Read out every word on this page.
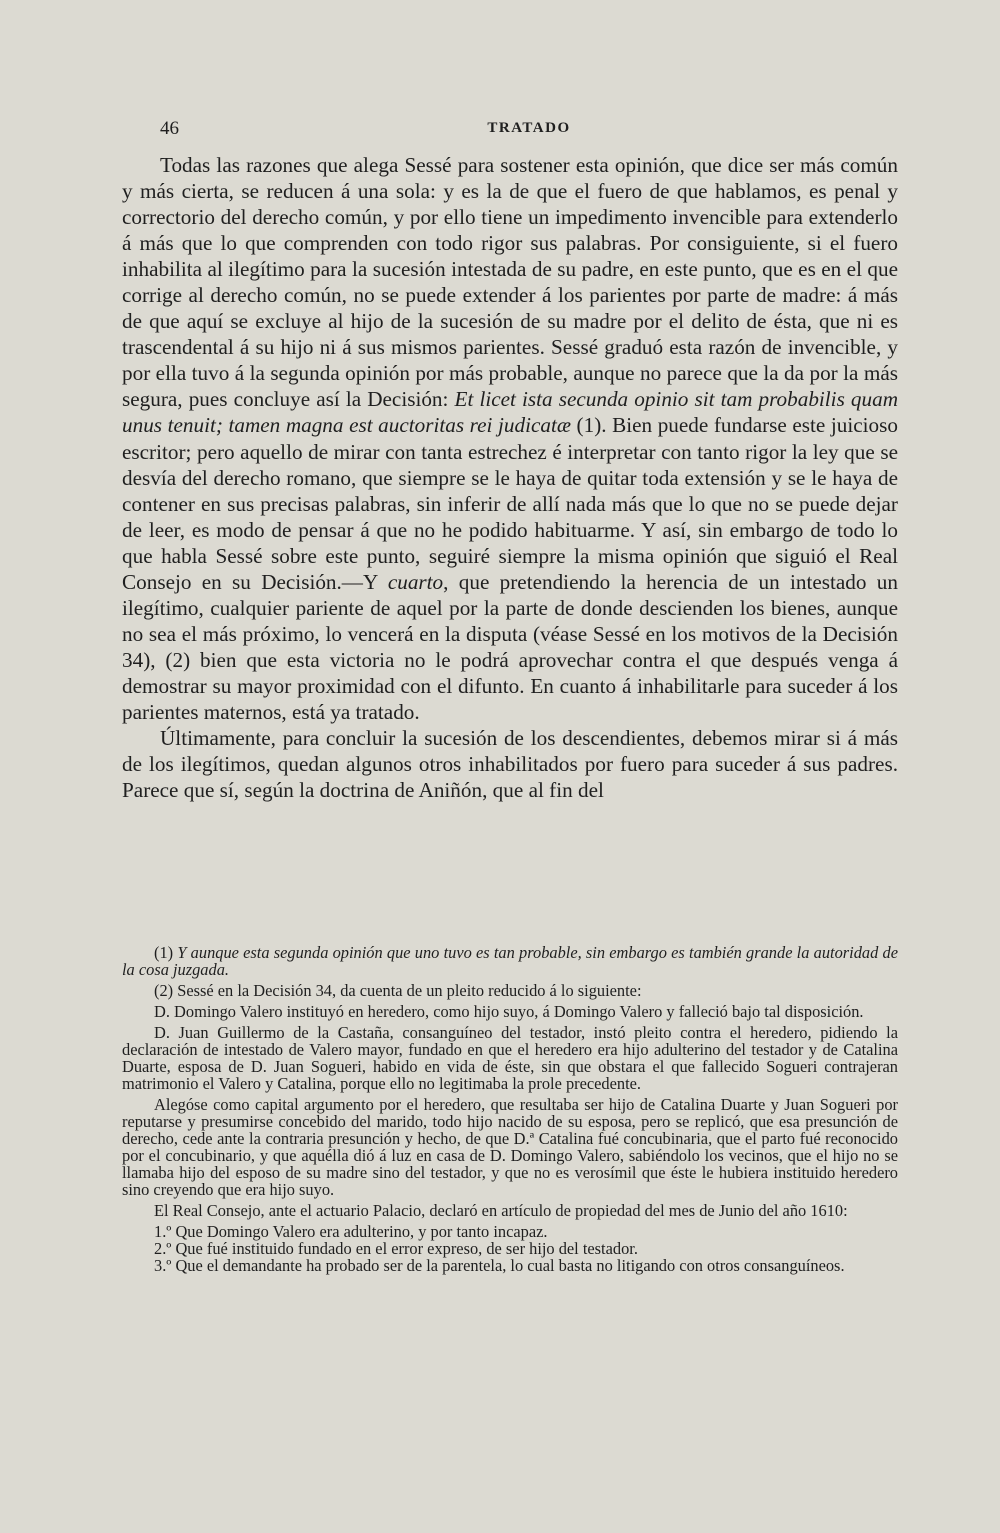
46	TRATADO

Todas las razones que alega Sessé para sostener esta opinión, que dice ser más común y más cierta, se reducen á una sola: y es la de que el fuero de que hablamos, es penal y correctorio del derecho común, y por ello tiene un impedimento invencible para extenderlo á más que lo que comprenden con todo rigor sus palabras. Por consiguiente, si el fuero inhabilita al ilegítimo para la sucesión intestada de su padre, en este punto, que es en el que corrige al derecho común, no se puede extender á los parientes por parte de madre: á más de que aquí se excluye al hijo de la sucesión de su madre por el delito de ésta, que ni es trascendental á su hijo ni á sus mismos parientes. Sessé graduó esta razón de invencible, y por ella tuvo á la segunda opinión por más probable, aunque no parece que la da por la más segura, pues concluye así la Decisión: Et licet ista secunda opinio sit tam probabilis quam unus tenuit; tamen magna est auctoritas rei judicatæ (1). Bien puede fundarse este juicioso escritor; pero aquello de mirar con tanta estrechez é interpretar con tanto rigor la ley que se desvía del derecho romano, que siempre se le haya de quitar toda extensión y se le haya de contener en sus precisas palabras, sin inferir de allí nada más que lo que no se puede dejar de leer, es modo de pensar á que no he podido habituarme. Y así, sin embargo de todo lo que habla Sessé sobre este punto, seguiré siempre la misma opinión que siguió el Real Consejo en su Decisión.—Y cuarto, que pretendiendo la herencia de un intestado un ilegítimo, cualquier pariente de aquel por la parte de donde descienden los bienes, aunque no sea el más próximo, lo vencerá en la disputa (véase Sessé en los motivos de la Decisión 34), (2) bien que esta victoria no le podrá aprovechar contra el que después venga á demostrar su mayor proximidad con el difunto. En cuanto á inhabilitarle para suceder á los parientes maternos, está ya tratado.

Últimamente, para concluir la sucesión de los descendientes, debemos mirar si á más de los ilegítimos, quedan algunos otros inhabilitados por fuero para suceder á sus padres. Parece que sí, según la doctrina de Aniñón, que al fin del

(1) Y aunque esta segunda opinión que uno tuvo es tan probable, sin embargo es también grande la autoridad de la cosa juzgada.

(2) Sessé en la Decisión 34, da cuenta de un pleito reducido á lo siguiente:

D. Domingo Valero instituyó en heredero, como hijo suyo, á Domingo Valero y falleció bajo tal disposición.

D. Juan Guillermo de la Castaña, consanguíneo del testador, instó pleito contra el heredero, pidiendo la declaración de intestado de Valero mayor, fundado en que el heredero era hijo adulterino del testador y de Catalina Duarte, esposa de D. Juan Sogueri, habido en vida de éste, sin que obstara el que fallecido Sogueri contrajeran matrimonio el Valero y Catalina, porque ello no legitimaba la prole precedente.

Alegóse como capital argumento por el heredero, que resultaba ser hijo de Catalina Duarte y Juan Sogueri por reputarse y presumirse concebido del marido, todo hijo nacido de su esposa, pero se replicó, que esa presunción de derecho, cede ante la contraria presunción y hecho, de que D.ª Catalina fué concubinaria, que el parto fué reconocido por el concubinario, y que aquélla dió á luz en casa de D. Domingo Valero, sabiéndolo los vecinos, que el hijo no se llamaba hijo del esposo de su madre sino del testador, y que no es verosímil que éste le hubiera instituido heredero sino creyendo que era hijo suyo.

El Real Consejo, ante el actuario Palacio, declaró en artículo de propiedad del mes de Junio del año 1610:

1.º Que Domingo Valero era adulterino, y por tanto incapaz.

2.º Que fué instituido fundado en el error expreso, de ser hijo del testador.

3.º Que el demandante ha probado ser de la parentela, lo cual basta no litigando con otros consanguíneos.
